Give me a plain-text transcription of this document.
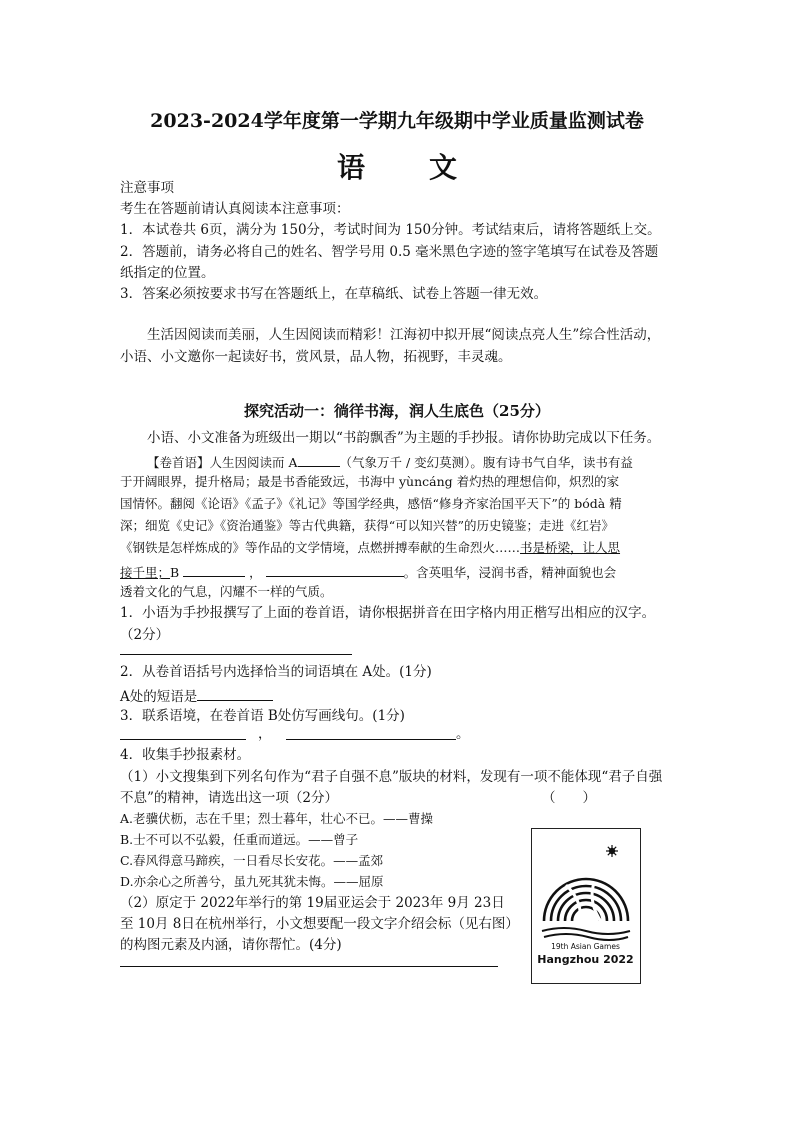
2023-2024学年度第一学期九年级期中学业质量监测试卷
语文
注意事项
考生在答题前请认真阅读本注意事项：
1．本试卷共 6页，满分为 150分，考试时间为 150分钟。考试结束后，请将答题纸上交。
2．答题前，请务必将自己的姓名、智学号用 0.5 毫米黑色字迹的签字笔填写在试卷及答题
纸指定的位置。
3．答案必须按要求书写在答题纸上，在草稿纸、试卷上答题一律无效。
生活因阅读而美丽，人生因阅读而精彩！江海初中拟开展“阅读点亮人生”综合性活动，
小语、小文邀你一起读好书，赏风景，品人物，拓视野，丰灵魂。
探究活动一：徜徉书海，润人生底色（25分）
小语、小文准备为班级出一期以“书韵飘香”为主题的手抄报。请你协助完成以下任务。
【卷首语】人生因阅读而 A	（气象万千 / 变幻莫测）。腹有诗书气自华，读书有益
于开阔眼界，提升格局；最是书香能致远，书海中 yùncáng 着灼热的理想信仰，炽烈的家
国情怀。翻阅《论语》《孟子》《礼记》等国学经典，感悟“修身齐家治国平天下”的 bódà 精
深；细览《史记》《资治通鉴》等古代典籍，获得“可以知兴替”的历史镜鉴；走进《红岩》
《钢铁是怎样炼成的》等作品的文学情境，点燃拼搏奉献的生命烈火……书是桥梁，让人思
接千里；B	，	。含英咀华，浸润书香，精神面貌也会
透着文化的气息，闪耀不一样的气质。
1．小语为手抄报撰写了上面的卷首语，请你根据拼音在田字格内用正楷写出相应的汉字。
（2分）
2．从卷首语括号内选择恰当的词语填在 A处。(1分)
A处的短语是
3．联系语境，在卷首语 B处仿写画线句。(1分)
，	。
4．收集手抄报素材。
（1）小文搜集到下列名句作为“君子自强不息”版块的材料，发现有一项不能体现“君子自强
不息”的精神，请选出这一项（2分）	（　　）
A.老骥伏枥，志在千里；烈士暮年，壮心不已。——曹操
B.士不可以不弘毅，任重而道远。——曾子
C.春风得意马蹄疾，一日看尽长安花。——孟郊
D.亦余心之所善兮，虽九死其犹未悔。——屈原
（2）原定于 2022年举行的第 19届亚运会于 2023年 9月 23日
至 10月 8日在杭州举行，小文想要配一段文字介绍会标（见右图）
的构图元素及内涵，请你帮忙。(4分)	19th Asian Games
Hangzhou 2022
